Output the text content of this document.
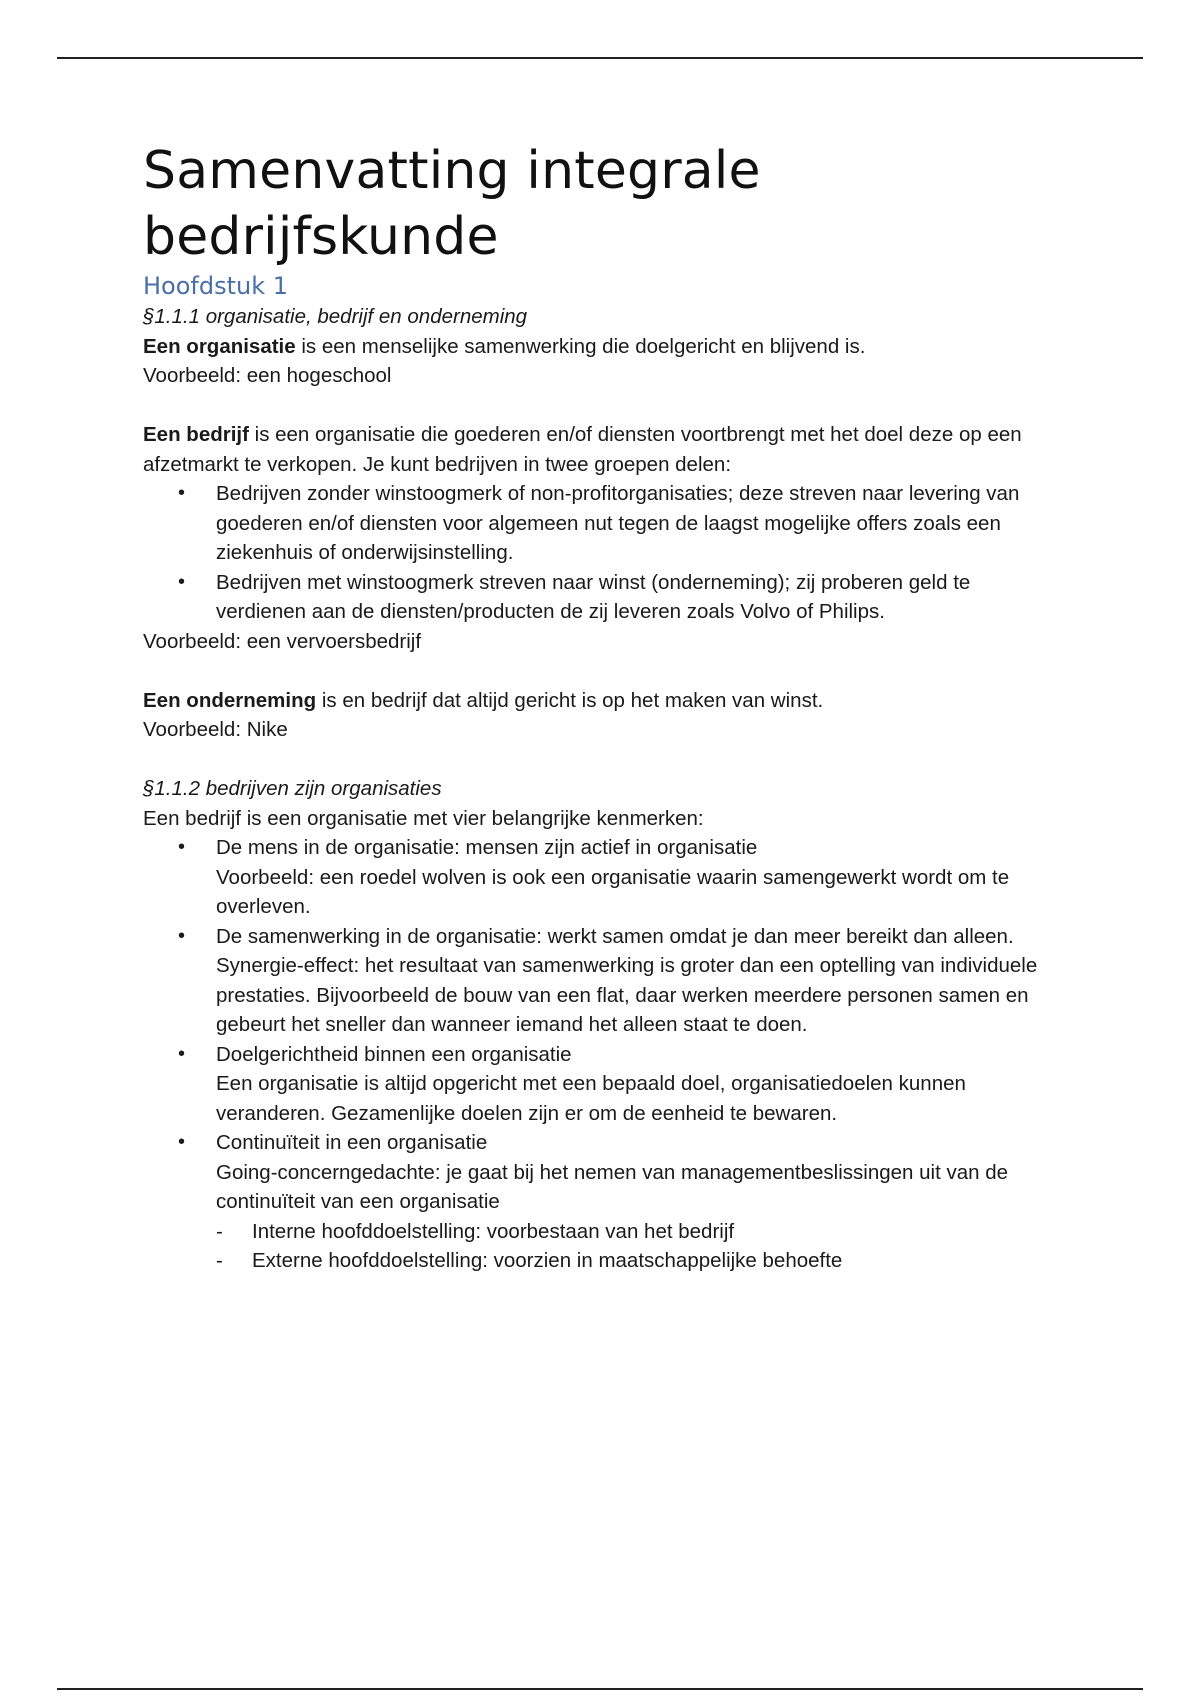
Samenvatting integrale bedrijfskunde
Hoofdstuk 1

§1.1.1 organisatie, bedrijf en onderneming

Een organisatie is een menselijke samenwerking die doelgericht en blijvend is.

Voorbeeld: een hogeschool

Een bedrijf is een organisatie die goederen en/of diensten voortbrengt met het doel deze op een afzetmarkt te verkopen. Je kunt bedrijven in twee groepen delen:

• Bedrijven zonder winstoogmerk of non-profitorganisaties; deze streven naar levering van goederen en/of diensten voor algemeen nut tegen de laagst mogelijke offers zoals een ziekenhuis of onderwijsinstelling.
• Bedrijven met winstoogmerk streven naar winst (onderneming); zij proberen geld te verdienen aan de diensten/producten de zij leveren zoals Volvo of Philips.

Voorbeeld: een vervoersbedrijf

Een onderneming is en bedrijf dat altijd gericht is op het maken van winst.

Voorbeeld: Nike

§1.1.2 bedrijven zijn organisaties

Een bedrijf is een organisatie met vier belangrijke kenmerken:

• De mens in de organisatie: mensen zijn actief in organisatie
Voorbeeld: een roedel wolven is ook een organisatie waarin samengewerkt wordt om te overleven.
• De samenwerking in de organisatie: werkt samen omdat je dan meer bereikt dan alleen.
Synergie-effect: het resultaat van samenwerking is groter dan een optelling van individuele prestaties. Bijvoorbeeld de bouw van een flat, daar werken meerdere personen samen en gebeurt het sneller dan wanneer iemand het alleen staat te doen.
• Doelgerichtheid binnen een organisatie
Een organisatie is altijd opgericht met een bepaald doel, organisatiedoelen kunnen veranderen. Gezamenlijke doelen zijn er om de eenheid te bewaren.
• Continuïteit in een organisatie
Going-concerngedachte: je gaat bij het nemen van managementbeslissingen uit van de continuïteit van een organisatie
- Interne hoofddoelstelling: voorbestaan van het bedrijf
- Externe hoofddoelstelling: voorzien in maatschappelijke behoefte
